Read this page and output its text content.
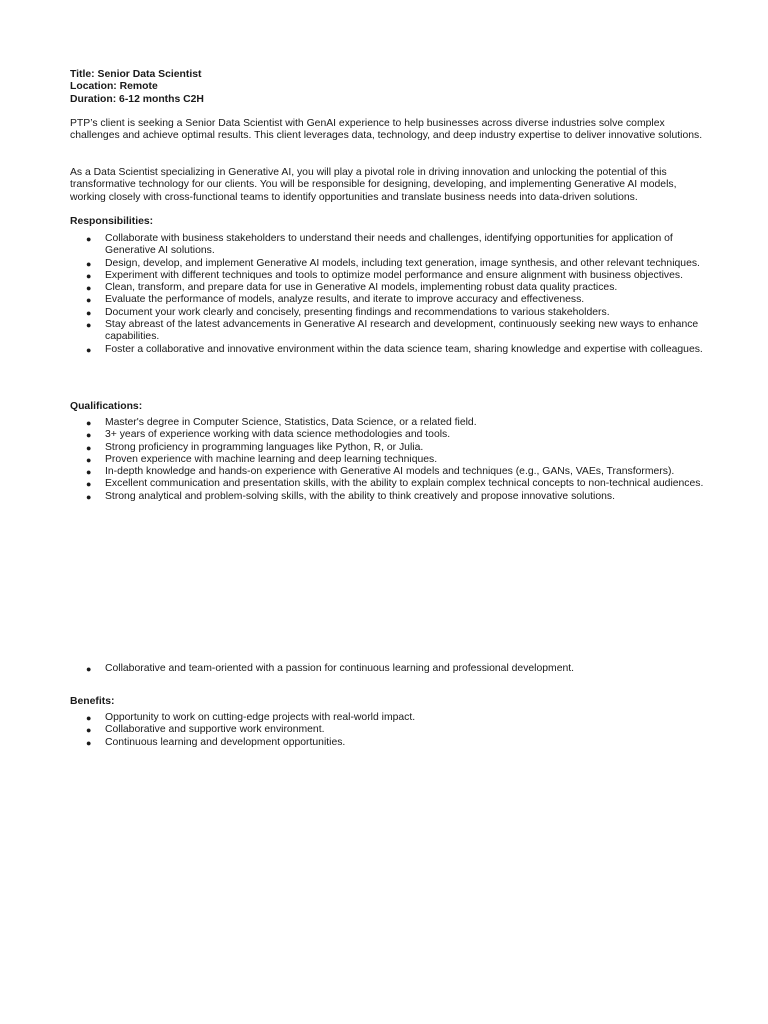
Title: Senior Data Scientist
Location: Remote
Duration: 6-12 months C2H

PTP’s client is seeking a Senior Data Scientist with GenAI experience to help businesses across diverse industries solve complex challenges and achieve optimal results. This client leverages data, technology, and deep industry expertise to deliver innovative solutions.

As a Data Scientist specializing in Generative AI, you will play a pivotal role in driving innovation and unlocking the potential of this transformative technology for our clients. You will be responsible for designing, developing, and implementing Generative AI models, working closely with cross-functional teams to identify opportunities and translate business needs into data-driven solutions.

Responsibilities:

● Collaborate with business stakeholders to understand their needs and challenges, identifying opportunities for application of Generative AI solutions.
● Design, develop, and implement Generative AI models, including text generation, image synthesis, and other relevant techniques.
● Experiment with different techniques and tools to optimize model performance and ensure alignment with business objectives.
● Clean, transform, and prepare data for use in Generative AI models, implementing robust data quality practices.
● Evaluate the performance of models, analyze results, and iterate to improve accuracy and effectiveness.
● Document your work clearly and concisely, presenting findings and recommendations to various stakeholders.
● Stay abreast of the latest advancements in Generative AI research and development, continuously seeking new ways to enhance capabilities.
● Foster a collaborative and innovative environment within the data science team, sharing knowledge and expertise with colleagues.

Qualifications:

● Master's degree in Computer Science, Statistics, Data Science, or a related field.
● 3+ years of experience working with data science methodologies and tools.
● Strong proficiency in programming languages like Python, R, or Julia.
● Proven experience with machine learning and deep learning techniques.
● In-depth knowledge and hands-on experience with Generative AI models and techniques (e.g., GANs, VAEs, Transformers).
● Excellent communication and presentation skills, with the ability to explain complex technical concepts to non-technical audiences.
● Strong analytical and problem-solving skills, with the ability to think creatively and propose innovative solutions.
● Collaborative and team-oriented with a passion for continuous learning and professional development.

Benefits:

● Opportunity to work on cutting-edge projects with real-world impact.
● Collaborative and supportive work environment.
● Continuous learning and development opportunities.
